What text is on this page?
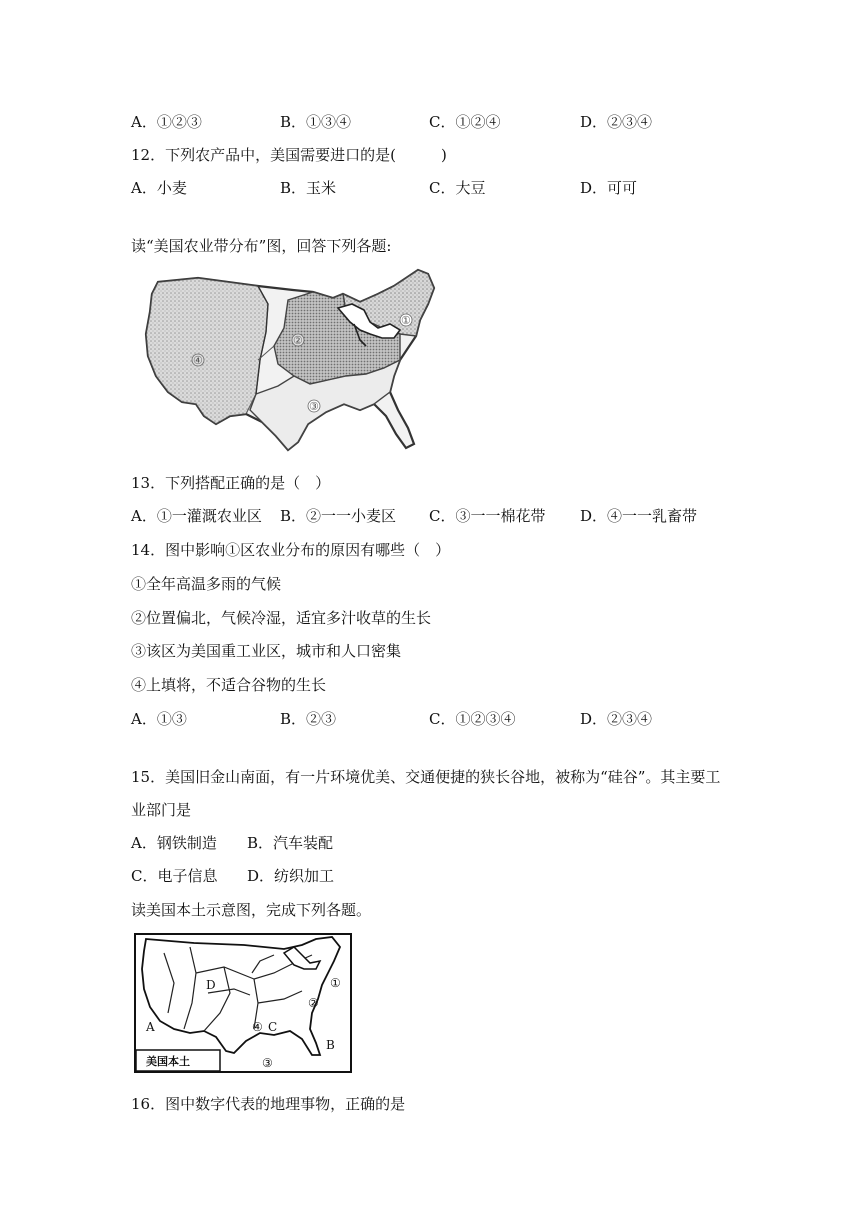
A．①②③	B．①③④	C．①②④	D．②③④
12．下列农产品中，美国需要进口的是(　　　)
A．小麦	B．玉米	C．大豆	D．可可
读“美国农业带分布”图，回答下列各题:
①
②
③
④
13．下列搭配正确的是（　）
A．①一灌溉农业区 B．②一一小麦区 C．③一一棉花带 D．④一一乳畜带
14．图中影响①区农业分布的原因有哪些（　）
①全年高温多雨的气候
②位置偏北，气候冷湿，适宜多汁收草的生长
③该区为美国重工业区，城市和人口密集
④上填将，不适合谷物的生长
A．①③	B．②③	C．①②③④	D．②③④
15．美国旧金山南面，有一片环境优美、交通便捷的狭长谷地，被称为“硅谷”。其主要工
业部门是
A．钢铁制造 B．汽车装配
C．电子信息 D．纺织加工
读美国本土示意图，完成下列各题。
美国本土
A
B
C
D	①
②
③
④
16．图中数字代表的地理事物，正确的是
